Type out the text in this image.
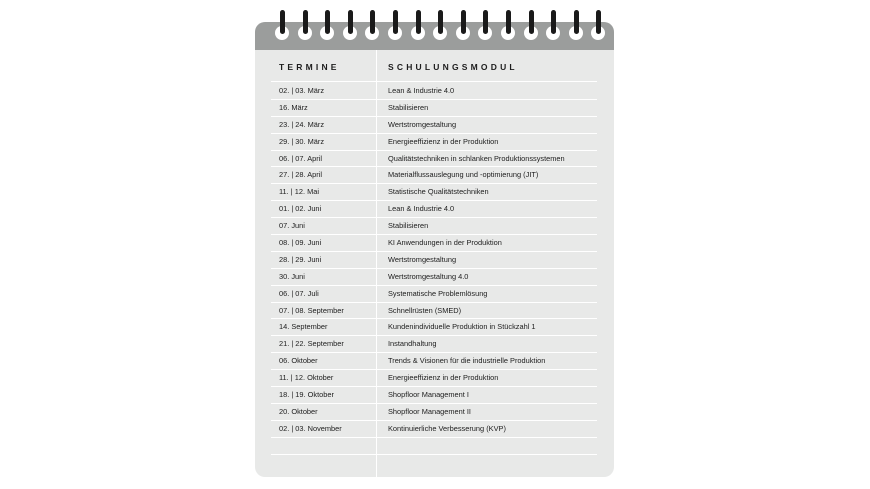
TERMINE	SCHULUNGSMODUL
02. | 03. März	Lean & Industrie 4.0
16. März	Stabilisieren
23. | 24. März	Wertstromgestaltung
29. | 30. März	Energieeffizienz in der Produktion
06. | 07. April	Qualitätstechniken in schlanken Produktionssystemen
27. | 28. April	Materialflussauslegung und -optimierung (JIT)
11. | 12. Mai	Statistische Qualitätstechniken
01. | 02. Juni	Lean & Industrie 4.0
07. Juni	Stabilisieren
08. | 09. Juni	KI Anwendungen in der Produktion
28. | 29. Juni	Wertstromgestaltung
30. Juni	Wertstromgestaltung 4.0
06. | 07. Juli	Systematische Problemlösung
07. | 08. September	Schnellrüsten (SMED)
14. September	Kundenindividuelle Produktion in Stückzahl 1
21. | 22. September	Instandhaltung
06. Oktober	Trends & Visionen für die industrielle Produktion
11. | 12. Oktober	Energieeffizienz in der Produktion
18. | 19. Oktober	Shopfloor Management I
20. Oktober	Shopfloor Management II
02. | 03. November	Kontinuierliche Verbesserung (KVP)
